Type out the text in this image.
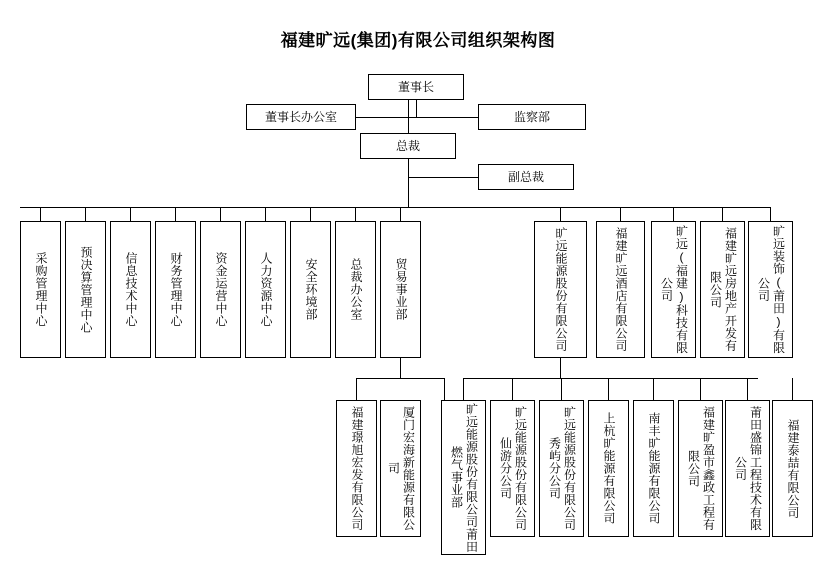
福建旷远(集团)有限公司组织架构图
董事长
董事长办公室	监察部
总裁
副总裁
采购管理中心	预决算管理中心	信息技术中心	财务管理中心	资金运营中心	人力资源中心	安全环境部	总裁办公室	贸易事业部	旷远能源股份有限公司	福建旷远酒店有限公司	旷远(福建)科技有限公司	福建旷远房地产开发有限公司	旷远装饰(莆田)有限公司
福建璟旭宏发有限公司	厦门宏海新能源有限公司	旷远能源股份有限公司莆田燃气事业部	旷远能源股份有限公司仙游分公司	旷远能源股份有限公司秀屿分公司	上杭旷能源有限公司	南丰旷能源有限公司	福建旷盈市鑫政工程有限公司	莆田盛锦工程技术有限公司	福建泰喆有限公司
